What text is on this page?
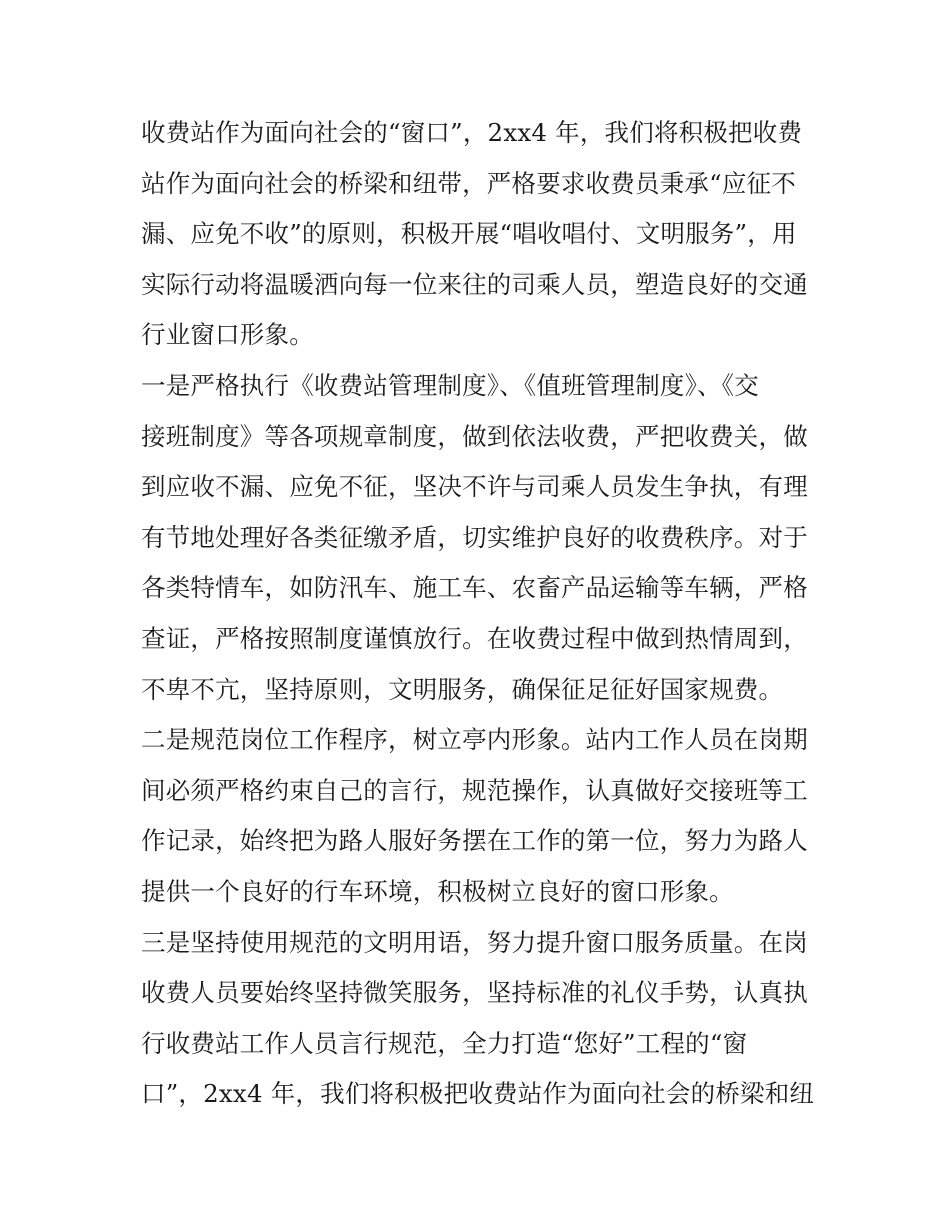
收费站作为面向社会的“窗口”，2xx4 年，我们将积极把收费
站作为面向社会的桥梁和纽带，严格要求收费员秉承“应征不
漏、应免不收”的原则，积极开展“唱收唱付、文明服务”，用
实际行动将温暖洒向每一位来往的司乘人员，塑造良好的交通
行业窗口形象。
一是严格执行《收费站管理制度》、《值班管理制度》、《交
接班制度》等各项规章制度，做到依法收费，严把收费关，做
到应收不漏、应免不征，坚决不许与司乘人员发生争执，有理
有节地处理好各类征缴矛盾，切实维护良好的收费秩序。对于
各类特情车，如防汛车、施工车、农畜产品运输等车辆，严格
查证，严格按照制度谨慎放行。在收费过程中做到热情周到，
不卑不亢，坚持原则，文明服务，确保征足征好国家规费。
二是规范岗位工作程序，树立亭内形象。站内工作人员在岗期
间必须严格约束自己的言行，规范操作，认真做好交接班等工
作记录，始终把为路人服好务摆在工作的第一位，努力为路人
提供一个良好的行车环境，积极树立良好的窗口形象。
三是坚持使用规范的文明用语，努力提升窗口服务质量。在岗
收费人员要始终坚持微笑服务，坚持标准的礼仪手势，认真执
行收费站工作人员言行规范，全力打造“您好”工程的“窗
口”，2xx4 年，我们将积极把收费站作为面向社会的桥梁和纽
